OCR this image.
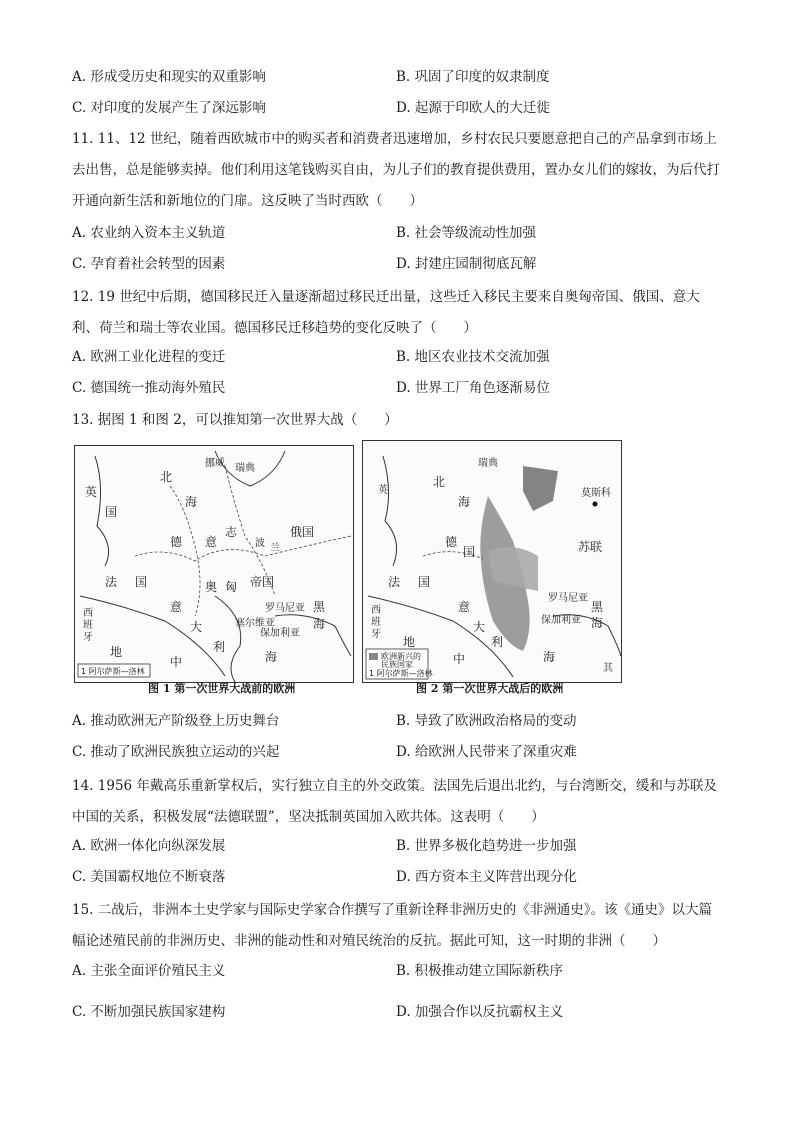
A. 形成受历史和现实的双重影响	B. 巩固了印度的奴隶制度
C. 对印度的发展产生了深远影响	D. 起源于印欧人的大迁徙
11. 11、12 世纪，随着西欧城市中的购买者和消费者迅速增加，乡村农民只要愿意把自己的产品拿到市场上去出售，总是能够卖掉。他们利用这笔钱购买自由，为儿子们的教育提供费用，置办女儿们的嫁妆，为后代打开通向新生活和新地位的门扉。这反映了当时西欧（　　）
A. 农业纳入资本主义轨道	B. 社会等级流动性加强
C. 孕育着社会转型的因素	D. 封建庄园制彻底瓦解
12. 19 世纪中后期，德国移民迁入量逐渐超过移民迁出量，这些迁入移民主要来自奥匈帝国、俄国、意大利、荷兰和瑞士等农业国。德国移民迁移趋势的变化反映了（　　）
A. 欧洲工业化进程的变迁	B. 地区农业技术交流加强
C. 德国统一推动海外殖民	D. 世界工厂角色逐渐易位
13. 据图 1 和图 2，可以推知第一次世界大战（　　）
英
国
北
海
瑞典
挪威
德 意
志
波 兰
俄国
法 国	奥 匈 帝国
意
大
利
西
班
牙
罗马尼亚
塞尔维亚
保加利亚
黑
海
地
中	海
1 阿尔萨斯—洛林
英
瑞典
北
海
莫斯科
苏联
德
国
法 国
意
大
利
罗马尼亚
保加利亚
黑
海
西
班
牙
地
中	海
其
欧洲新兴的
民族国家
1 阿尔萨斯—洛林
图 1 第一次世界大战前的欧洲	图 2 第一次世界大战后的欧洲
A. 推动欧洲无产阶级登上历史舞台	B. 导致了欧洲政治格局的变动
C. 推动了欧洲民族独立运动的兴起	D. 给欧洲人民带来了深重灾难
14. 1956 年戴高乐重新掌权后，实行独立自主的外交政策。法国先后退出北约，与台湾断交，缓和与苏联及中国的关系，积极发展“法德联盟”，坚决抵制英国加入欧共体。这表明（　　）
A. 欧洲一体化向纵深发展	B. 世界多极化趋势进一步加强
C. 美国霸权地位不断衰落	D. 西方资本主义阵营出现分化
15. 二战后，非洲本土史学家与国际史学家合作撰写了重新诠释非洲历史的《非洲通史》。该《通史》以大篇幅论述殖民前的非洲历史、非洲的能动性和对殖民统治的反抗。据此可知，这一时期的非洲（　　）
A. 主张全面评价殖民主义	B. 积极推动建立国际新秩序
C. 不断加强民族国家建构	D. 加强合作以反抗霸权主义
